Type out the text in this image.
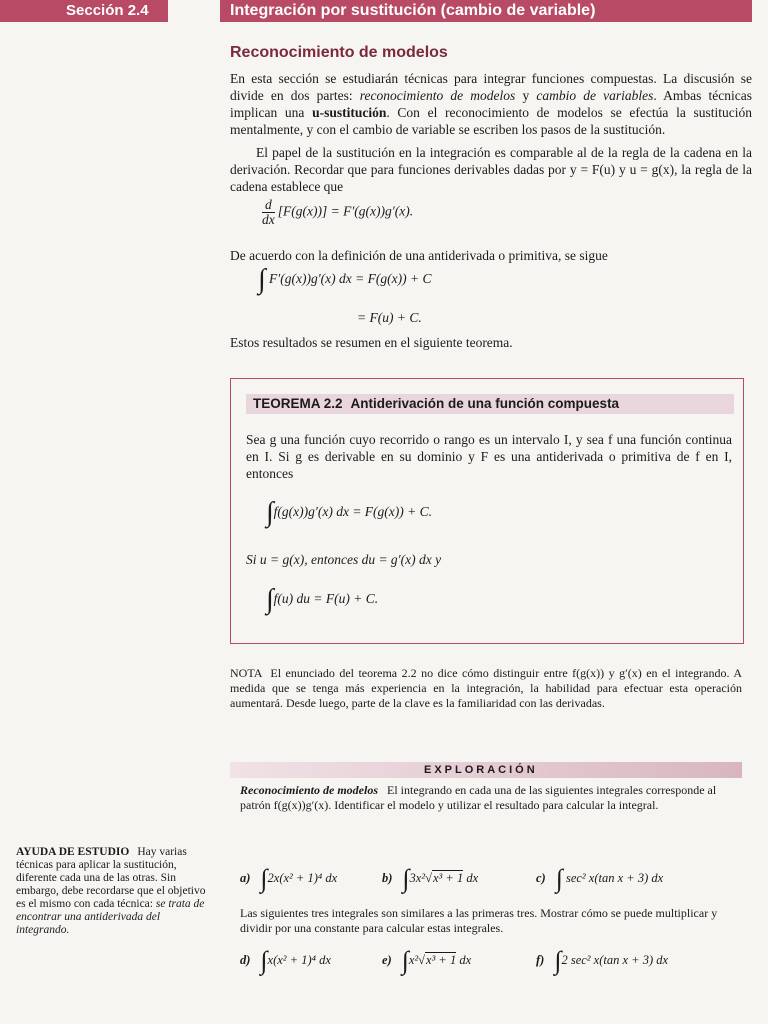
Sección 2.4	Integración por sustitución (cambio de variable)
Reconocimiento de modelos
En esta sección se estudiarán técnicas para integrar funciones compuestas. La discusión se divide en dos partes: reconocimiento de modelos y cambio de variables. Ambas técnicas implican una u-sustitución. Con el reconocimiento de modelos se efectúa la sustitución mentalmente, y con el cambio de variable se escriben los pasos de la sustitución.
El papel de la sustitución en la integración es comparable al de la regla de la cadena en la derivación. Recordar que para funciones derivables dadas por y = F(u) y u = g(x), la regla de la cadena establece que
$\frac{d}{dx} [F(g(x))] = F'(g(x))g'(x)$.
De acuerdo con la definición de una antiderivada o primitiva, se sigue
∫ F′(g(x))g′(x) dx = F(g(x)) + C
= F(u) + C.
Estos resultados se resumen en el siguiente teorema.
TEOREMA 2.2 Antiderivación de una función compuesta
Sea g una función cuyo recorrido o rango es un intervalo I, y sea f una función continua en I. Si g es derivable en su dominio y F es una antiderivada o primitiva de f en I, entonces
∫f(g(x))g′(x) dx = F(g(x)) + C.
Si u = g(x), entonces du = g′(x) dx y
∫f(u) du = F(u) + C.
NOTA El enunciado del teorema 2.2 no dice cómo distinguir entre f(g(x)) y g′(x) en el integrando. A medida que se tenga más experiencia en la integración, la habilidad para efectuar esta operación aumentará. Desde luego, parte de la clave es la familiaridad con las derivadas.
EXPLORACIÓN
Reconocimiento de modelos El integrando en cada una de las siguientes integrales corresponde al patrón f(g(x))g′(x). Identificar el modelo y utilizar el resultado para calcular la integral.
AYUDA DE ESTUDIO Hay varias técnicas para aplicar la sustitución, diferente cada una de las otras. Sin embargo, debe recordarse que el objetivo es el mismo con cada técnica: se trata de encontrar una antiderivada del integrando.
a) ∫2x(x² + 1)⁴ dx	b) ∫3x²√x³ + 1 dx	c) ∫ sec² x(tan x + 3) dx
Las siguientes tres integrales son similares a las primeras tres. Mostrar cómo se puede multiplicar y dividir por una constante para calcular estas integrales.
d) ∫x(x² + 1)⁴ dx	e) ∫x²√x³ + 1 dx	f) ∫2 sec² x(tan x + 3) dx
